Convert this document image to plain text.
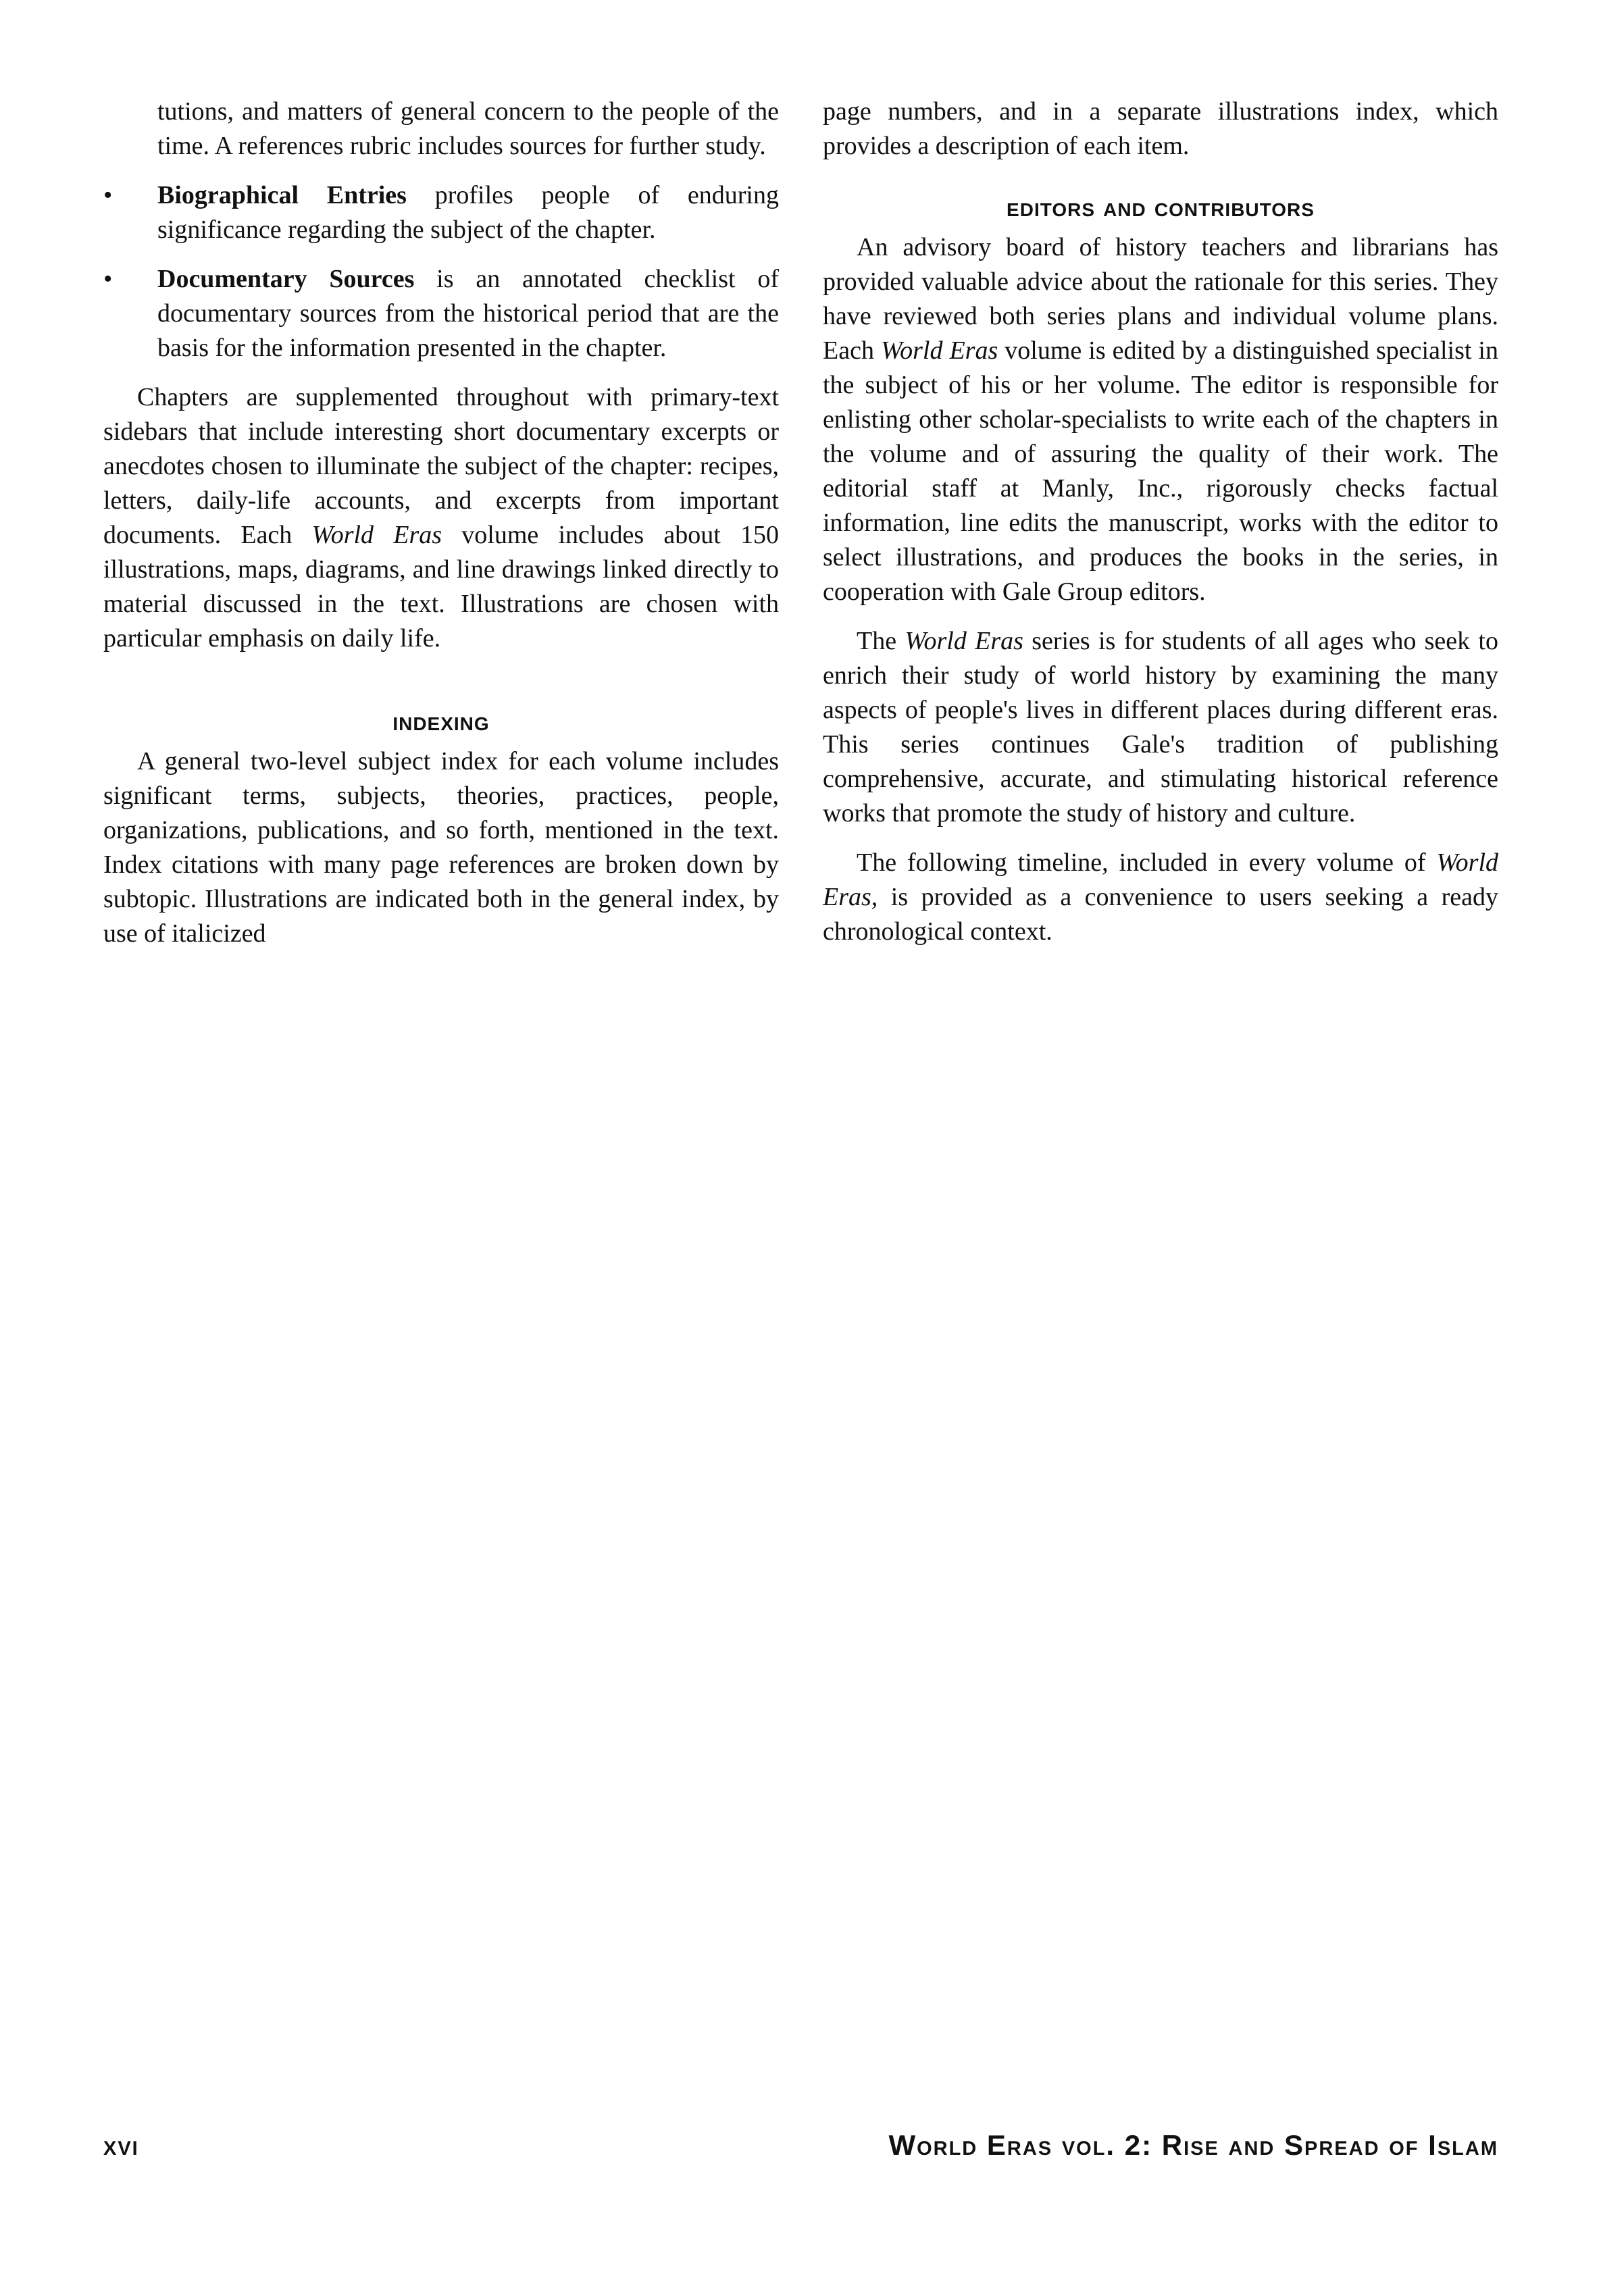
tutions, and matters of general concern to the people of the time. A references rubric includes sources for further study.

•	Biographical Entries profiles people of enduring significance regarding the subject of the chapter.
•	Documentary Sources is an annotated checklist of documentary sources from the historical period that are the basis for the information presented in the chapter.

Chapters are supplemented throughout with primary-text sidebars that include interesting short documentary excerpts or anecdotes chosen to illuminate the subject of the chapter: recipes, letters, daily-life accounts, and excerpts from important documents. Each World Eras volume includes about 150 illustrations, maps, diagrams, and line drawings linked directly to material discussed in the text. Illustrations are chosen with particular emphasis on daily life.

indexing

A general two-level subject index for each volume includes significant terms, subjects, theories, practices, people, organizations, publications, and so forth, mentioned in the text. Index citations with many page references are broken down by subtopic. Illustrations are indicated both in the general index, by use of italicized

page numbers, and in a separate illustrations index, which provides a description of each item.

editors and contributors

An advisory board of history teachers and librarians has provided valuable advice about the rationale for this series. They have reviewed both series plans and individual volume plans. Each World Eras volume is edited by a distinguished specialist in the subject of his or her volume. The editor is responsible for enlisting other scholar-specialists to write each of the chapters in the volume and of assuring the quality of their work. The editorial staff at Manly, Inc., rigorously checks factual information, line edits the manuscript, works with the editor to select illustrations, and produces the books in the series, in cooperation with Gale Group editors.

The World Eras series is for students of all ages who seek to enrich their study of world history by examining the many aspects of people's lives in different places during different eras. This series continues Gale's tradition of publishing comprehensive, accurate, and stimulating historical reference works that promote the study of history and culture.

The following timeline, included in every volume of World Eras, is provided as a convenience to users seeking a ready chronological context.

xvi	World Eras vol. 2: Rise and Spread of Islam
